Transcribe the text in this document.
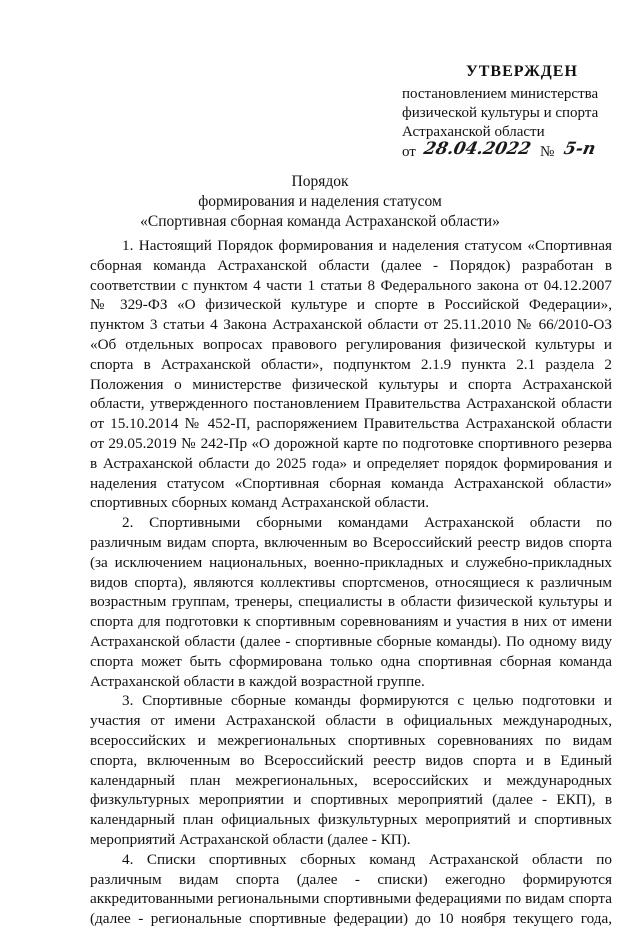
УТВЕРЖДЕН
постановлением министерства
физической культуры и спорта
Астраханской области
от 28.04.2022 № 5-п
Порядок
формирования и наделения статусом
«Спортивная сборная команда Астраханской области»

1. Настоящий Порядок формирования и наделения статусом «Спортивная
сборная команда Астраханской области (далее - Порядок) разработан в
соответствии с пунктом 4 части 1 статьи 8 Федерального закона от 04.12.2007
№ 329-ФЗ «О физической культуре и спорте в Российской Федерации»,
пунктом 3 статьи 4 Закона Астраханской области от 25.11.2010 № 66/2010-ОЗ
«Об отдельных вопросах правового регулирования физической культуры и
спорта в Астраханской области», подпунктом 2.1.9 пункта 2.1 раздела 2
Положения о министерстве физической культуры и спорта Астраханской
области, утвержденного постановлением Правительства Астраханской области
от 15.10.2014 № 452-П, распоряжением Правительства Астраханской области
от 29.05.2019 № 242-Пр «О дорожной карте по подготовке спортивного резерва
в Астраханской области до 2025 года» и определяет порядок формирования и
наделения статусом «Спортивная сборная команда Астраханской области»
спортивных сборных команд Астраханской области.

2. Спортивными сборными командами Астраханской области по
различным видам спорта, включенным во Всероссийский реестр видов спорта
(за исключением национальных, военно-прикладных и служебно-прикладных
видов спорта), являются коллективы спортсменов, относящиеся к различным
возрастным группам, тренеры, специалисты в области физической культуры и
спорта для подготовки к спортивным соревнованиям и участия в них от имени
Астраханской области (далее - спортивные сборные команды). По одному виду
спорта может быть сформирована только одна спортивная сборная команда
Астраханской области в каждой возрастной группе.

3. Спортивные сборные команды формируются с целью подготовки и
участия от имени Астраханской области в официальных международных,
всероссийских и межрегиональных спортивных соревнованиях по видам
спорта, включенным во Всероссийский реестр видов спорта и в Единый
календарный план межрегиональных, всероссийских и международных
физкультурных мероприятии и спортивных мероприятий (далее - ЕКП), в
календарный план официальных физкультурных мероприятий и спортивных
мероприятий Астраханской области (далее - КП).

4. Списки спортивных сборных команд Астраханской области по
различным видам спорта (далее - списки) ежегодно формируются
аккредитованными региональными спортивными федерациями по видам спорта
(далее - региональные спортивные федерации) до 10 ноября текущего года,
